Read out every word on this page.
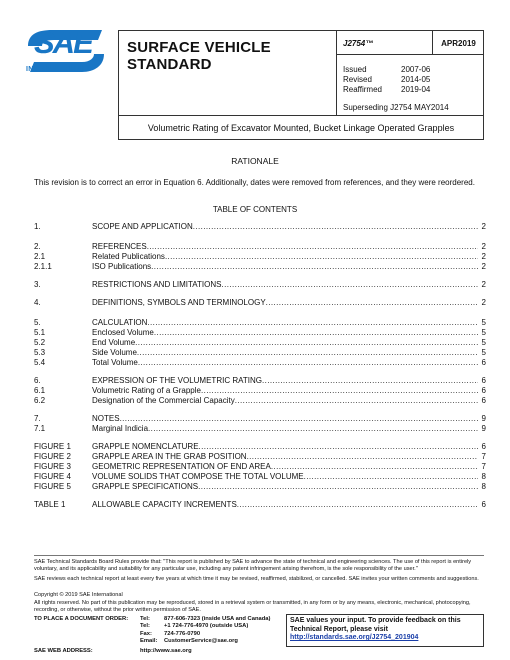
SAE
INTERNATIONAL®
SURFACE VEHICLE STANDARD
J2754™	APR2019
Issued	2007-06
Revised	2014-05
Reaffirmed	2019-04
Superseding J2754 MAY2014
Volumetric Rating of Excavator Mounted, Bucket Linkage Operated Grapples
RATIONALE
This revision is to correct an error in Equation 6. Additionally, dates were removed from references, and they were reordered.
TABLE OF CONTENTS
1.	SCOPE AND APPLICATION .....	2
2.	REFERENCES .....	2
2.1	Related Publications .....	2
2.1.1	ISO Publications .....	2
3.	RESTRICTIONS AND LIMITATIONS .....	2
4.	DEFINITIONS, SYMBOLS AND TERMINOLOGY .....	2
5.	CALCULATION .....	5
5.1	Enclosed Volume .....	5
5.2	End Volume .....	5
5.3	Side Volume .....	5
5.4	Total Volume .....	6
6.	EXPRESSION OF THE VOLUMETRIC RATING .....	6
6.1	Volumetric Rating of a Grapple .....	6
6.2	Designation of the Commercial Capacity .....	6
7.	NOTES .....	9
7.1	Marginal Indicia .....	9
FIGURE 1	GRAPPLE NOMENCLATURE .....	6
FIGURE 2	GRAPPLE AREA IN THE GRAB POSITION .....	7
FIGURE 3	GEOMETRIC REPRESENTATION OF END AREA .....	7
FIGURE 4	VOLUME SOLIDS THAT COMPOSE THE TOTAL VOLUME .....	8
FIGURE 5	GRAPPLE SPECIFICATIONS .....	8
TABLE 1	ALLOWABLE CAPACITY INCREMENTS .....	6
SAE Technical Standards Board Rules provide that: "This report is published by SAE to advance the state of technical and engineering sciences. The use of this report is entirely voluntary, and its applicability and suitability for any particular use, including any patent infringement arising therefrom, is the sole responsibility of the user."
SAE reviews each technical report at least every five years at which time it may be revised, reaffirmed, stabilized, or cancelled. SAE invites your written comments and suggestions.
Copyright © 2019 SAE International
All rights reserved. No part of this publication may be reproduced, stored in a retrieval system or transmitted, in any form or by any means, electronic, mechanical, photocopying, recording, or otherwise, without the prior written permission of SAE.
TO PLACE A DOCUMENT ORDER:	Tel:	877-606-7323 (inside USA and Canada)
Tel:	+1 724-776-4970 (outside USA)
Fax:	724-776-0790
Email:	CustomerService@sae.org
SAE WEB ADDRESS:	http://www.sae.org
SAE values your input. To provide feedback on this Technical Report, please visit
http://standards.sae.org/J2754_201904
